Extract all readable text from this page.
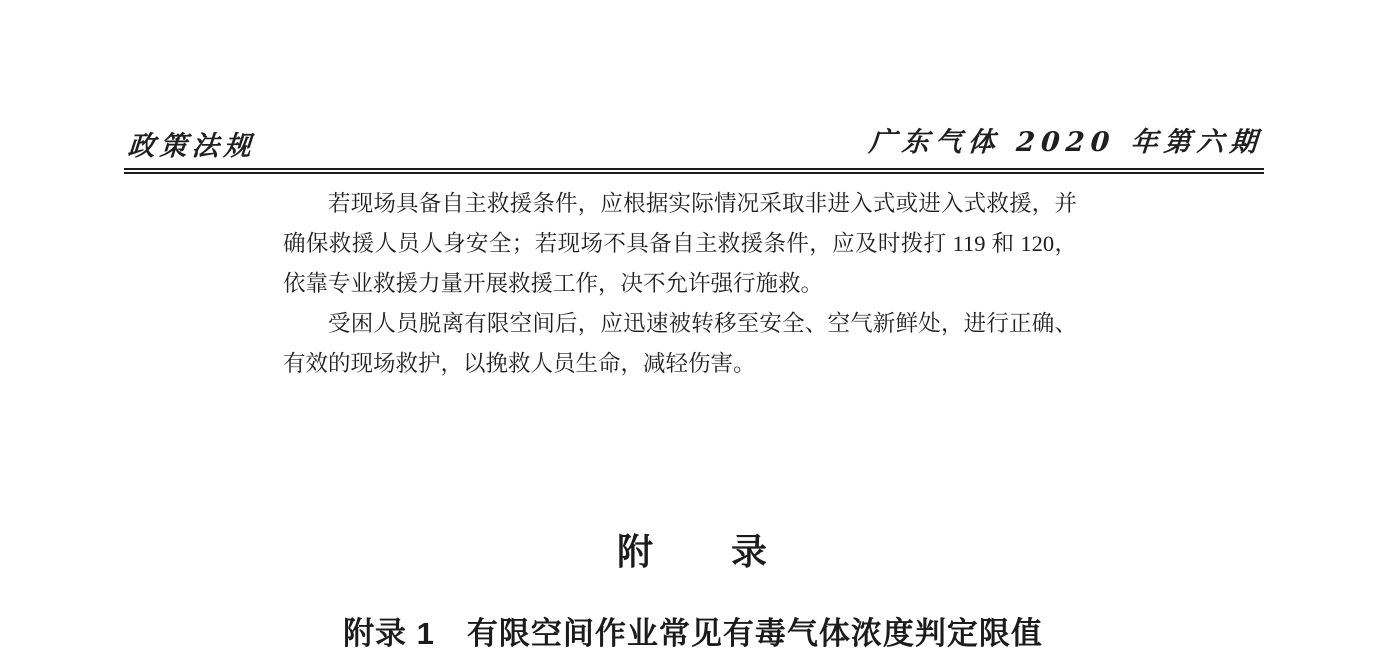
政策法规	广东气体 2020 年第六期

若现场具备自主救援条件，应根据实际情况采取非进入式或进入式救援，并确保救援人员人身安全；若现场不具备自主救援条件，应及时拨打 119 和 120，依靠专业救援力量开展救援工作，决不允许强行施救。

受困人员脱离有限空间后，应迅速被转移至安全、空气新鲜处，进行正确、有效的现场救护，以挽救人员生命，减轻伤害。

附　　录
附录 1　有限空间作业常见有毒气体浓度判定限值
